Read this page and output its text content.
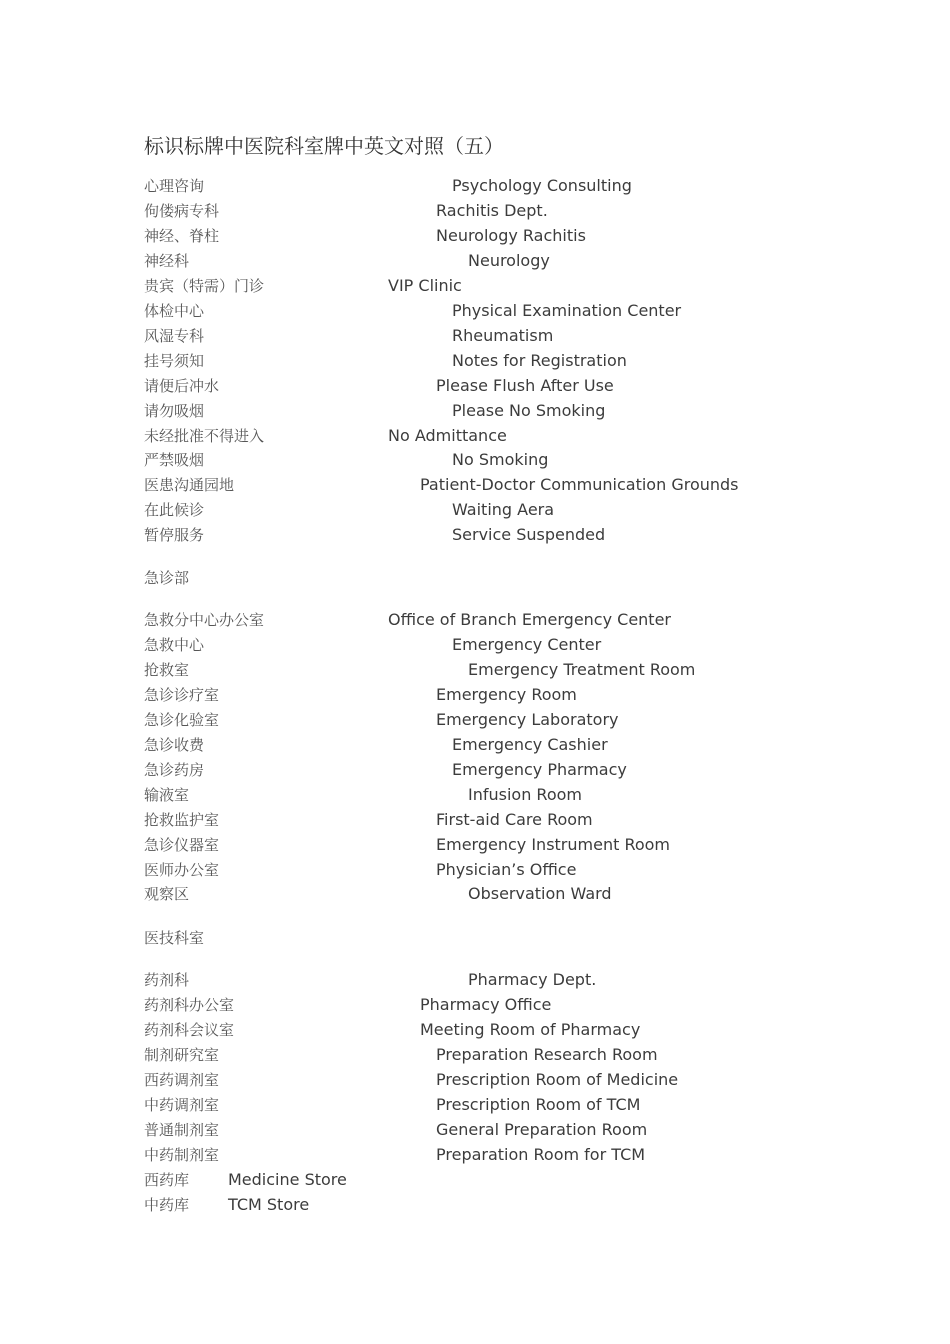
标识标牌中医院科室牌中英文对照（五）
心理咨询	Psychology Consulting
佝偻病专科	Rachitis Dept.
神经、脊柱	Neurology Rachitis
神经科	Neurology
贵宾（特需）门诊	VIP Clinic
体检中心	Physical Examination Center
风湿专科	Rheumatism
挂号须知	Notes for Registration
请便后冲水	Please Flush After Use
请勿吸烟	Please No Smoking
未经批准不得进入	No Admittance
严禁吸烟	No Smoking
医患沟通园地	Patient-Doctor Communication Grounds
在此候诊	Waiting Aera
暂停服务	Service Suspended
急诊部
急救分中心办公室	Office of Branch Emergency Center
急救中心	Emergency Center
抢救室	Emergency Treatment Room
急诊诊疗室	Emergency Room
急诊化验室	Emergency Laboratory
急诊收费	Emergency Cashier
急诊药房	Emergency Pharmacy
输液室	Infusion Room
抢救监护室	First-aid Care Room
急诊仪器室	Emergency Instrument Room
医师办公室	Physician’s Office
观察区	Observation Ward
医技科室
药剂科	Pharmacy Dept.
药剂科办公室	Pharmacy Office
药剂科会议室	Meeting Room of Pharmacy
制剂研究室	Preparation Research Room
西药调剂室	Prescription Room of Medicine
中药调剂室	Prescription Room of TCM
普通制剂室	General Preparation Room
中药制剂室	Preparation Room for TCM
西药库 Medicine Store
中药库 TCM Store
